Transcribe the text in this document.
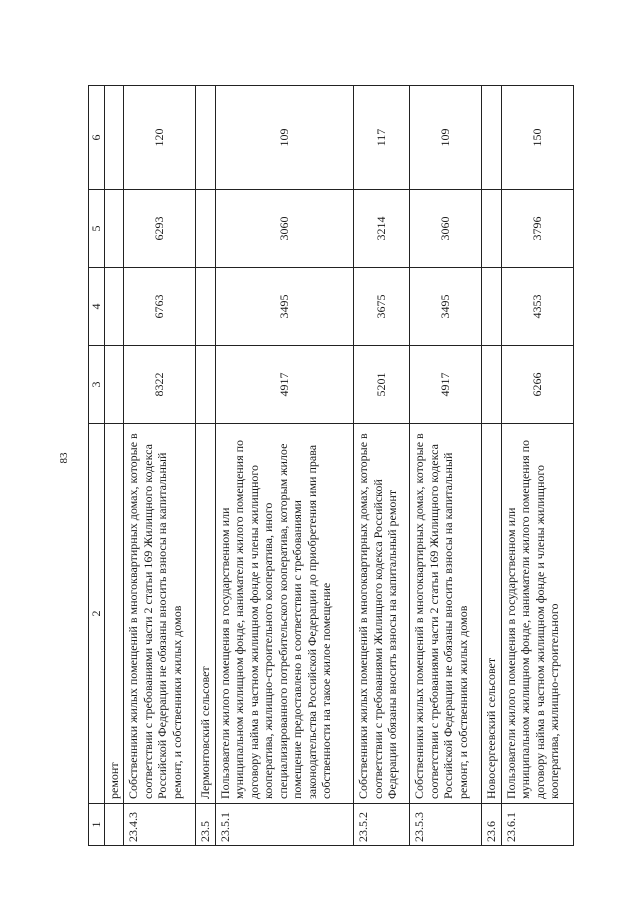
83
1	2	3	4	5	6
	ремонт				
23.4.3	Собственники жилых помещений в многоквартирных домах, которые в соответствии с требованиями части 2 статьи 169 Жилищного кодекса Российской Федерации не обязаны вносить взносы на капитальный ремонт, и собственники жилых домов	8322	6763	6293	120
23.5	Лермонтовский сельсовет				
23.5.1	Пользователи жилого помещения в государственном или муниципальном жилищном фонде, наниматели жилого помещения по договору найма в частном жилищном фонде и члены жилищного кооператива, жилищно-строительного кооператива, иного специализированного потребительского кооператива, которым жилое помещение предоставлено в соответствии с требованиями законодательства Российской Федерации до приобретения ими права собственности на такое жилое помещение	4917	3495	3060	109
23.5.2	Собственники жилых помещений в многоквартирных домах, которые в соответствии с требованиями Жилищного кодекса Российской Федерации обязаны вносить взносы на капитальный ремонт	5201	3675	3214	117
23.5.3	Собственники жилых помещений в многоквартирных домах, которые в соответствии с требованиями части 2 статьи 169 Жилищного кодекса Российской Федерации не обязаны вносить взносы на капитальный ремонт, и собственники жилых домов	4917	3495	3060	109
23.6	Новосергеевский сельсовет				
23.6.1	Пользователи жилого помещения в государственном или муниципальном жилищном фонде, наниматели жилого помещения по договору найма в частном жилищном фонде и члены жилищного кооператива, жилищно-строительного	6266	4353	3796	150
